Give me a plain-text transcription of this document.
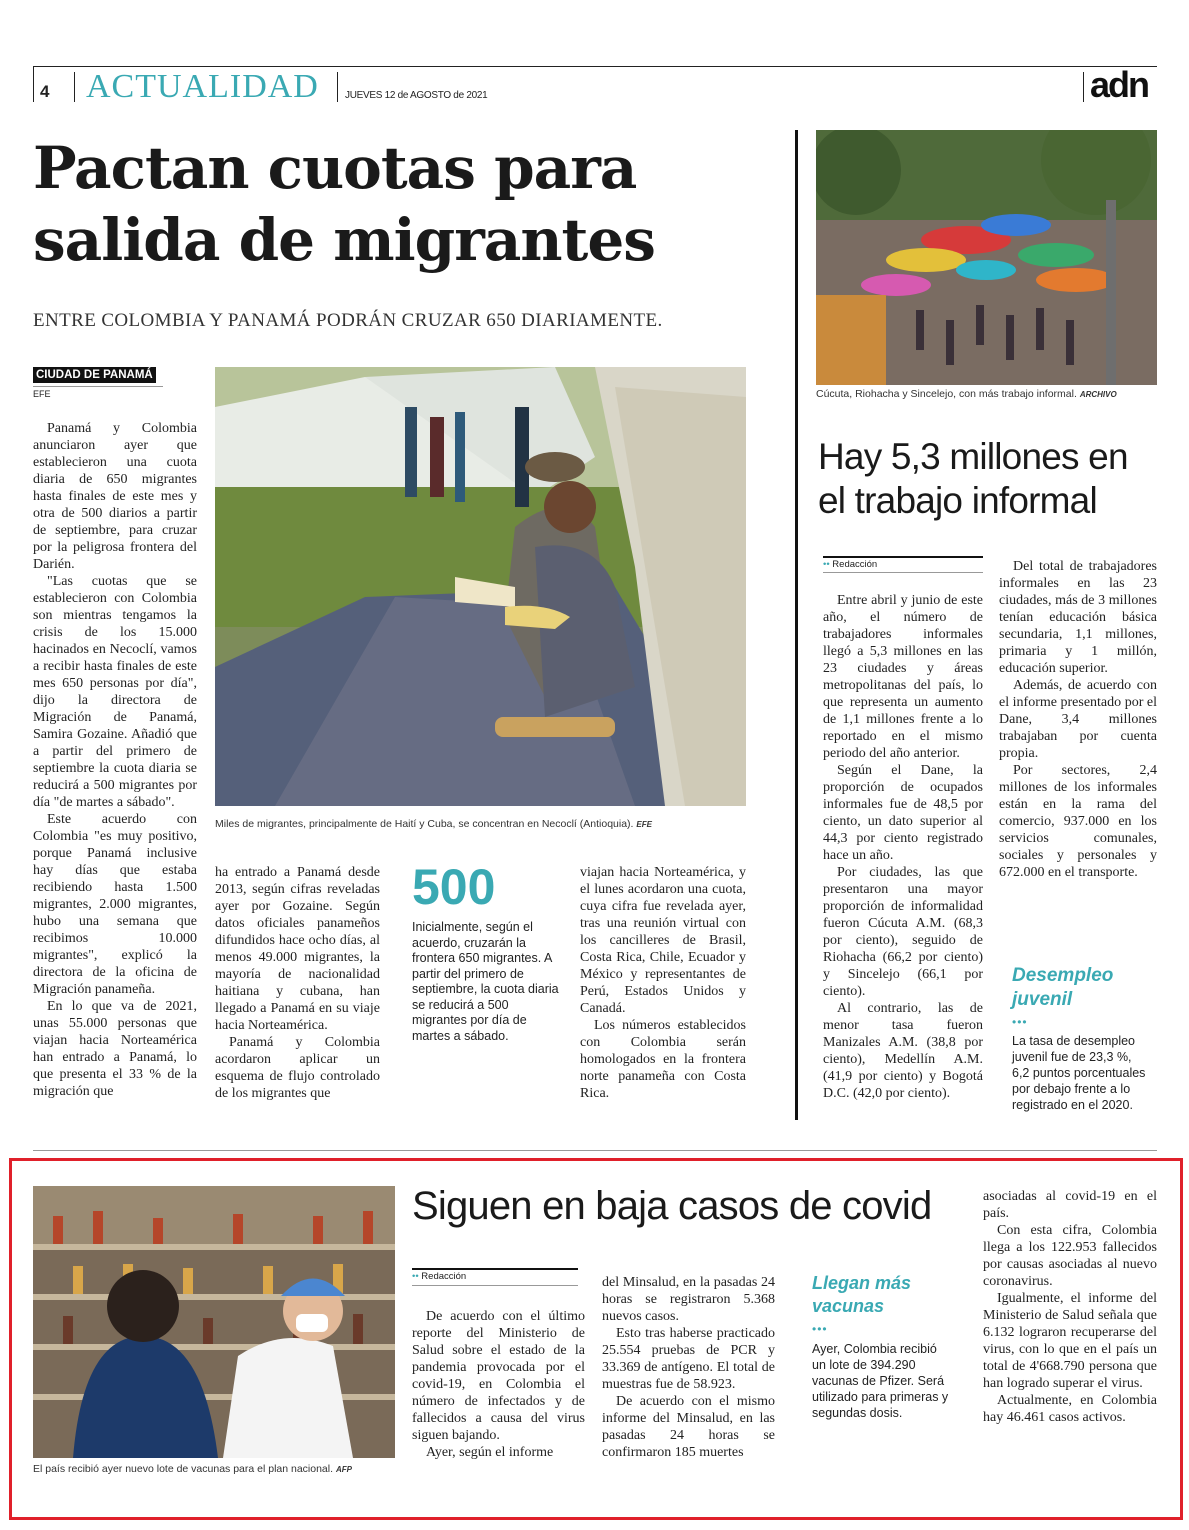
4 ACTUALIDAD	JUEVES 12 de AGOSTO de 2021	adn
Pactan cuotas para
salida de migrantes
ENTRE COLOMBIA Y PANAMÁ PODRÁN CRUZAR 650 DIARIAMENTE.
CIUDAD DE PANAMÁ
EFE
Miles de migrantes, principalmente de Haití y Cuba, se concentran en Necoclí (Antioquia). EFE

Panamá y Colombia anunciaron ayer que establecieron una cuota diaria de 650 migrantes hasta finales de este mes y otra de 500 diarios a partir de septiembre, para cruzar por la peligrosa frontera del Darién.

"Las cuotas que se establecieron con Colombia son mientras tengamos la crisis de los 15.000 hacinados en Necoclí, vamos a recibir hasta finales de este mes 650 personas por día", dijo la directora de Migración de Panamá, Samira Gozaine. Añadió que a partir del primero de septiembre la cuota diaria se reducirá a 500 migrantes por día "de martes a sábado".

Este acuerdo con Colombia "es muy positivo, porque Panamá inclusive hay días que estaba recibiendo hasta 1.500 migrantes, 2.000 migrantes, hubo una semana que recibimos 10.000 migrantes", explicó la directora de la oficina de Migración panameña.

En lo que va de 2021, unas 55.000 personas que viajan hacia Norteamérica han entrado a Panamá, lo que presenta el 33 % de la migración que

ha entrado a Panamá desde 2013, según cifras reveladas ayer por Gozaine. Según datos oficiales panameños difundidos hace ocho días, al menos 49.000 migrantes, la mayoría de nacionalidad haitiana y cubana, han llegado a Panamá en su viaje hacia Norteamérica.

Panamá y Colombia acordaron aplicar un esquema de flujo controlado de los migrantes que

500
Inicialmente, según el acuerdo, cruzarán la frontera 650 migrantes. A partir del primero de septiembre, la cuota diaria se reducirá a 500 migrantes por día de martes a sábado.

viajan hacia Norteamérica, y el lunes acordaron una cuota, cuya cifra fue revelada ayer, tras una reunión virtual con los cancilleres de Brasil, Costa Rica, Chile, Ecuador y México y representantes de Perú, Estados Unidos y Canadá.

Los números establecidos con Colombia serán homologados en la frontera norte panameña con Costa Rica.

Cúcuta, Riohacha y Sincelejo, con más trabajo informal. ARCHIVO
Hay 5,3 millones en
el trabajo informal
•• Redacción

Entre abril y junio de este año, el número de trabajadores informales llegó a 5,3 millones en las 23 ciudades y áreas metropolitanas del país, lo que representa un aumento de 1,1 millones frente a lo reportado en el mismo periodo del año anterior.

Según el Dane, la proporción de ocupados informales fue de 48,5 por ciento, un dato superior al 44,3 por ciento registrado hace un año.

Por ciudades, las que presentaron una mayor proporción de informalidad fueron Cúcuta A.M. (68,3 por ciento), seguido de Riohacha (66,2 por ciento) y Sincelejo (66,1 por ciento).

Al contrario, las de menor tasa fueron Manizales A.M. (38,8 por ciento), Medellín A.M. (41,9 por ciento) y Bogotá D.C. (42,0 por ciento).

Del total de trabajadores informales en las 23 ciudades, más de 3 millones tenían educación básica secundaria, 1,1 millones, primaria y 1 millón, educación superior.

Además, de acuerdo con el informe presentado por el Dane, 3,4 millones trabajaban por cuenta propia.

Por sectores, 2,4 millones de los informales están en la rama del comercio, 937.000 en los servicios comunales, sociales y personales y 672.000 en el transporte.

Desempleo juvenil
•••
La tasa de desempleo juvenil fue de 23,3 %, 6,2 puntos porcentuales por debajo frente a lo registrado en el 2020.
El país recibió ayer nuevo lote de vacunas para el plan nacional. AFP
Siguen en baja casos de covid
•• Redacción

De acuerdo con el último reporte del Ministerio de Salud sobre el estado de la pandemia provocada por el covid-19, en Colombia el número de infectados y de fallecidos a causa del virus siguen bajando.

Ayer, según el informe

del Minsalud, en la pasadas 24 horas se registraron 5.368 nuevos casos.

Esto tras haberse practicado 25.554 pruebas de PCR y 33.369 de antígeno. El total de muestras fue de 58.923.

De acuerdo con el mismo informe del Minsalud, en las pasadas 24 horas se confirmaron 185 muertes

Llegan más vacunas
•••
Ayer, Colombia recibió un lote de 394.290 vacunas de Pfizer. Será utilizado para primeras y segundas dosis.

asociadas al covid-19 en el país.

Con esta cifra, Colombia llega a los 122.953 fallecidos por causas asociadas al nuevo coronavirus.

Igualmente, el informe del Ministerio de Salud señala que 6.132 lograron recuperarse del virus, con lo que en el país un total de 4'668.790 persona que han logrado superar el virus.

Actualmente, en Colombia hay 46.461 casos activos.
